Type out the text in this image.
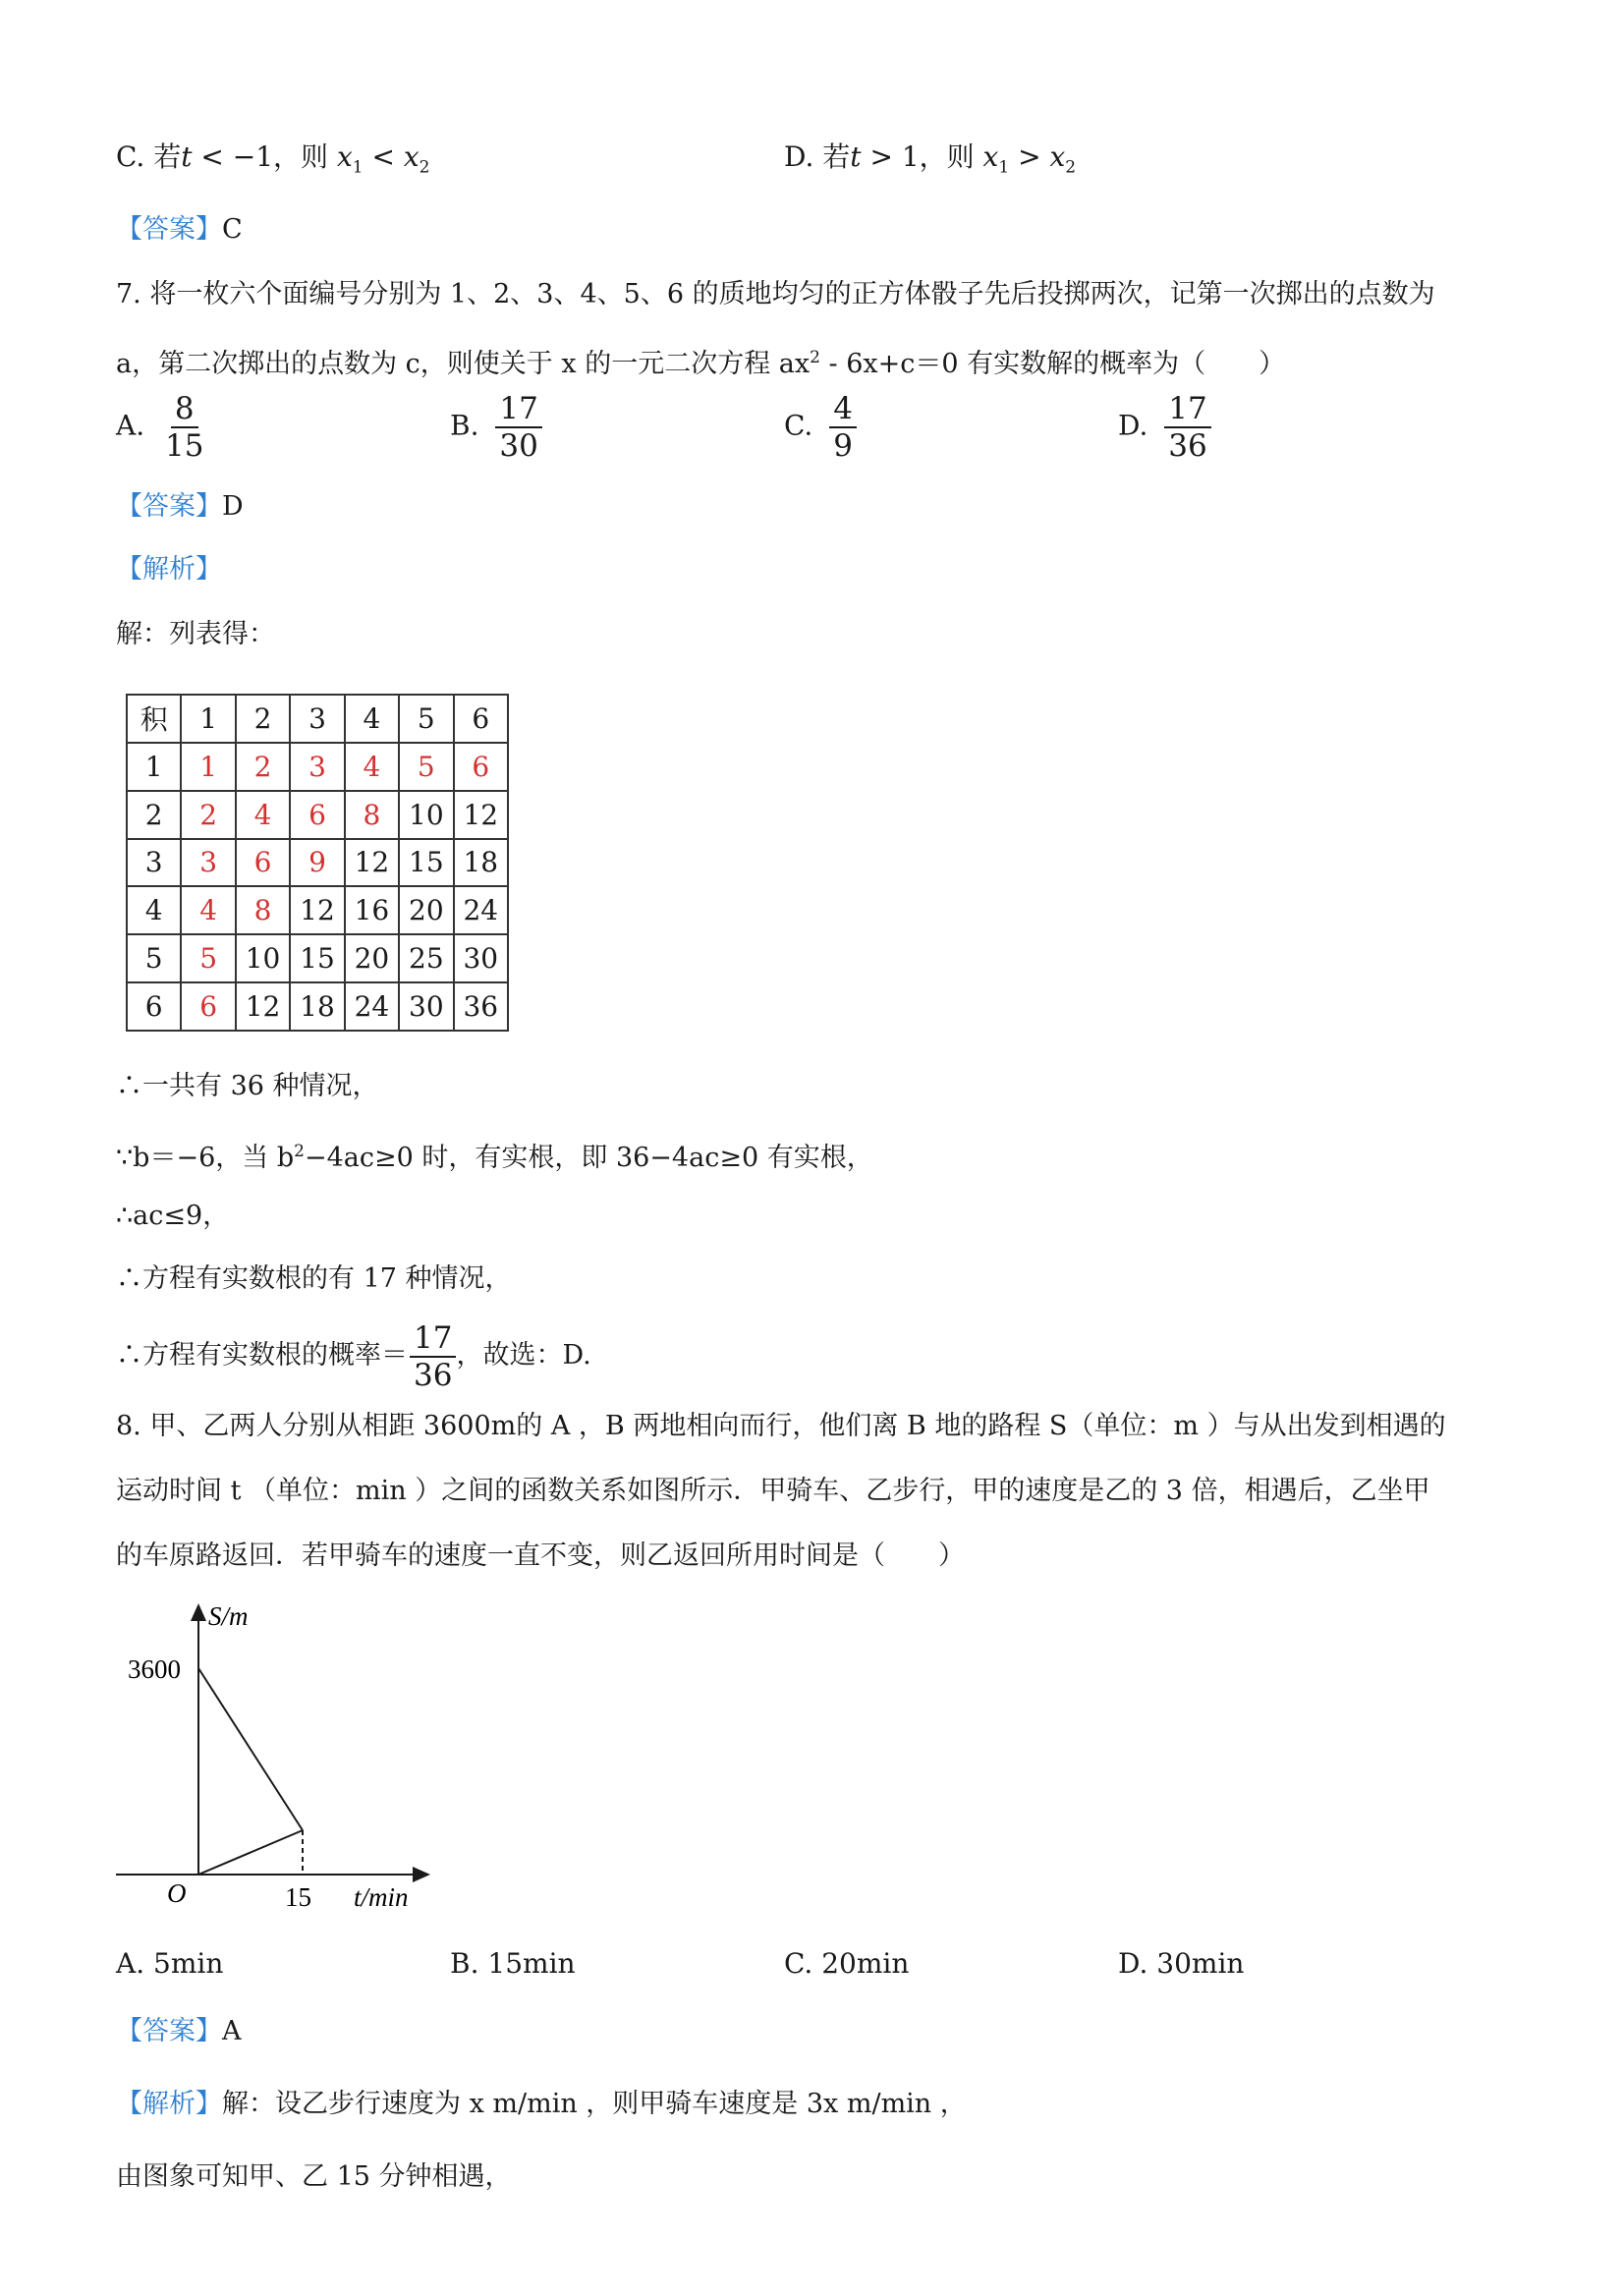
C. 若t < −1，则 $x_1 < x_2$	D. 若t > 1，则 $x_1 > x_2$
【答案】C
7. 将一枚六个面编号分别为 1、2、3、4、5、6 的质地均匀的正方体骰子先后投掷两次，记第一次掷出的点数为
a，第二次掷出的点数为 c，则使关于 x 的一元二次方程 $ax^2 - 6x+c=0$ 有实数解的概率为（　　）
A. $\frac{8}{15}$	B. $\frac{17}{30}$	C. $\frac{4}{9}$	D. $\frac{17}{36}$
【答案】D
【解析】
解：列表得：
积	1	2	3	4	5	6
1	1	2	3	4	5	6
2	2	4	6	8	10	12
3	3	6	9	12	15	18
4	4	8	12	16	20	24
5	5	10	15	20	25	30
6	6	12	18	24	30	36
∴一共有 36 种情况，
∵b＝−6，当 $b^2-4ac\ge 0$ 时，有实根，即 36−4ac≥0 有实根，
∴ac≤9，
∴方程有实数根的有 17 种情况，
∴方程有实数根的概率＝ $\frac{17}{36}$ ，故选：D.
8. 甲、乙两人分别从相距 3600m的 A ，B 两地相向而行，他们离 B 地的路程 S（单位：m ）与从出发到相遇的
运动时间 t （单位：min ）之间的函数关系如图所示．甲骑车、乙步行，甲的速度是乙的 3 倍，相遇后，乙坐甲
的车原路返回．若甲骑车的速度一直不变，则乙返回所用时间是（　　）
S/m
3600
O	15 t/min
A. 5min	B. 15min	C. 20min	D. 30min
【答案】A
【解析】解：设乙步行速度为 x m/min ，则甲骑车速度是 3x m/min ，
由图象可知甲、乙 15 分钟相遇，
